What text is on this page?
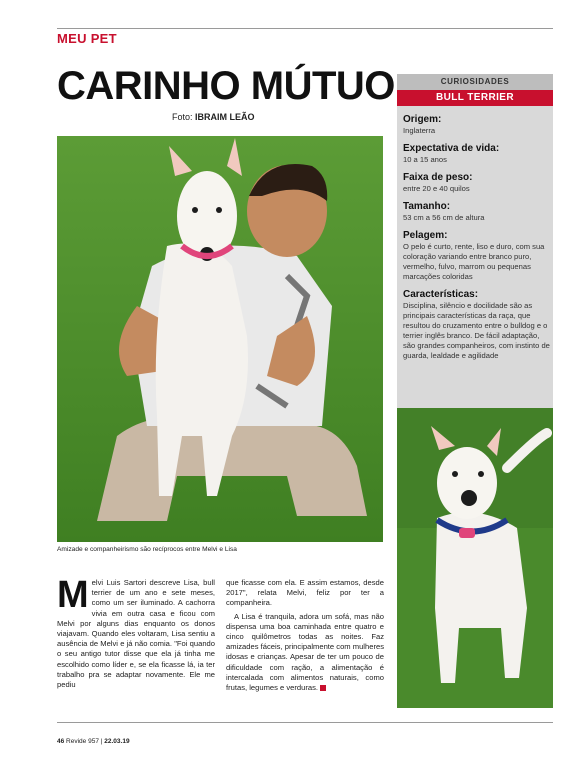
MEU PET
CARINHO MÚTUO
Foto: IBRAIM LEÃO
Amizade e companheirismo são recíprocos entre Melvi e Lisa
CURIOSIDADES
BULL TERRIER
Origem:
Inglaterra
Expectativa de vida:
10 a 15 anos
Faixa de peso:
entre 20 e 40 quilos
Tamanho:
53 cm a 56 cm de altura
Pelagem:
O pelo é curto, rente, liso e duro, com sua coloração variando entre branco puro, vermelho, fulvo, marrom ou pequenas marcações coloridas
Características:
Disciplina, silêncio e docilidade são as principais características da raça, que resultou do cruzamento entre o bulldog e o terrier inglês branco. De fácil adaptação, são grandes companheiros, com instinto de guarda, lealdade e agilidade
Melvi Luis Sartori descreve Lisa, bull terrier de um ano e sete meses, como um ser iluminado. A cachorra vivia em outra casa e ficou com Melvi por alguns dias enquanto os donos viajavam. Quando eles voltaram, Lisa sentiu a ausência de Melvi e já não comia. "Foi quando o seu antigo tutor disse que ela já tinha me escolhido como líder e, se ela ficasse lá, ia ter trabalho pra se adaptar novamente. Ele me pediu

que ficasse com ela. E assim estamos, desde 2017", relata Melvi, feliz por ter a companheira.

A Lisa é tranquila, adora um sofá, mas não dispensa uma boa caminhada entre quatro e cinco quilômetros todas as noites. Faz amizades fáceis, principalmente com mulheres idosas e crianças. Apesar de ter um pouco de dificuldade com ração, a alimentação é intercalada com alimentos naturais, como frutas, legumes e verduras.

46 Revide 957 | 22.03.19
